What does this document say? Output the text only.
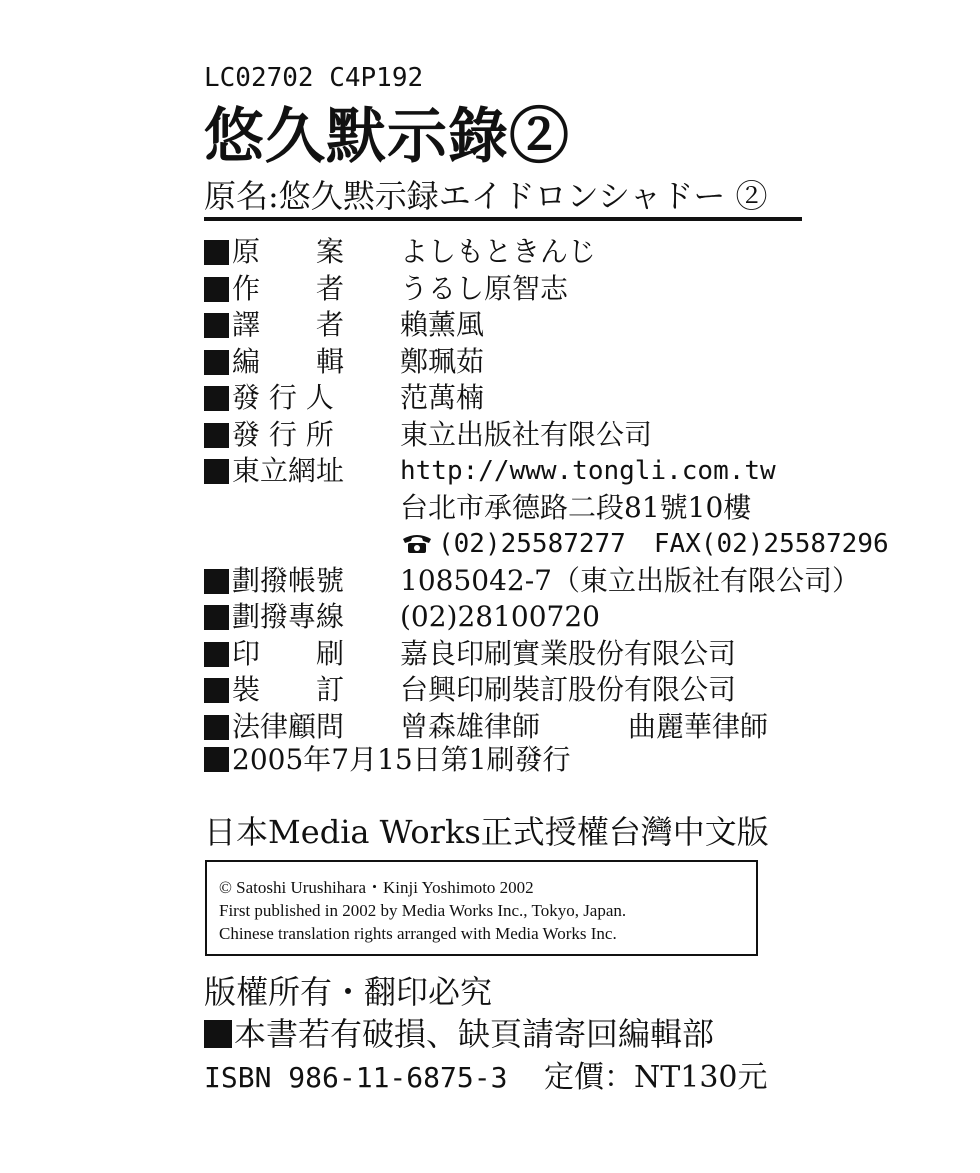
LC02702 C4P192
悠久默示錄②
原名:悠久黙示録エイドロンシャドー ②
原　　案 よしもときんじ
作　　者 うるし原智志
譯　　者 賴薰風
編　　輯 鄭珮茹
發 行 人	范萬楠
發 行 所	東立出版社有限公司
東立網址	http://www.tongli.com.tw
台北市承德路二段81號10樓
(02)25587277 FAX(02)25587296
劃撥帳號 1085042-7（東立出版社有限公司）
劃撥專線 (02)28100720
印　　刷 嘉良印刷實業股份有限公司
裝　　訂 台興印刷裝訂股份有限公司
法律顧問 曾森雄律師	曲麗華律師
2005年7月15日第1刷發行
日本Media Works正式授權台灣中文版
© Satoshi Urushihara・Kinji Yoshimoto 2002
First published in 2002 by Media Works Inc., Tokyo, Japan.
Chinese translation rights arranged with Media Works Inc.
版權所有・翻印必究
本書若有破損、缺頁請寄回編輯部
ISBN 986-11-6875-3 定價：NT130元
